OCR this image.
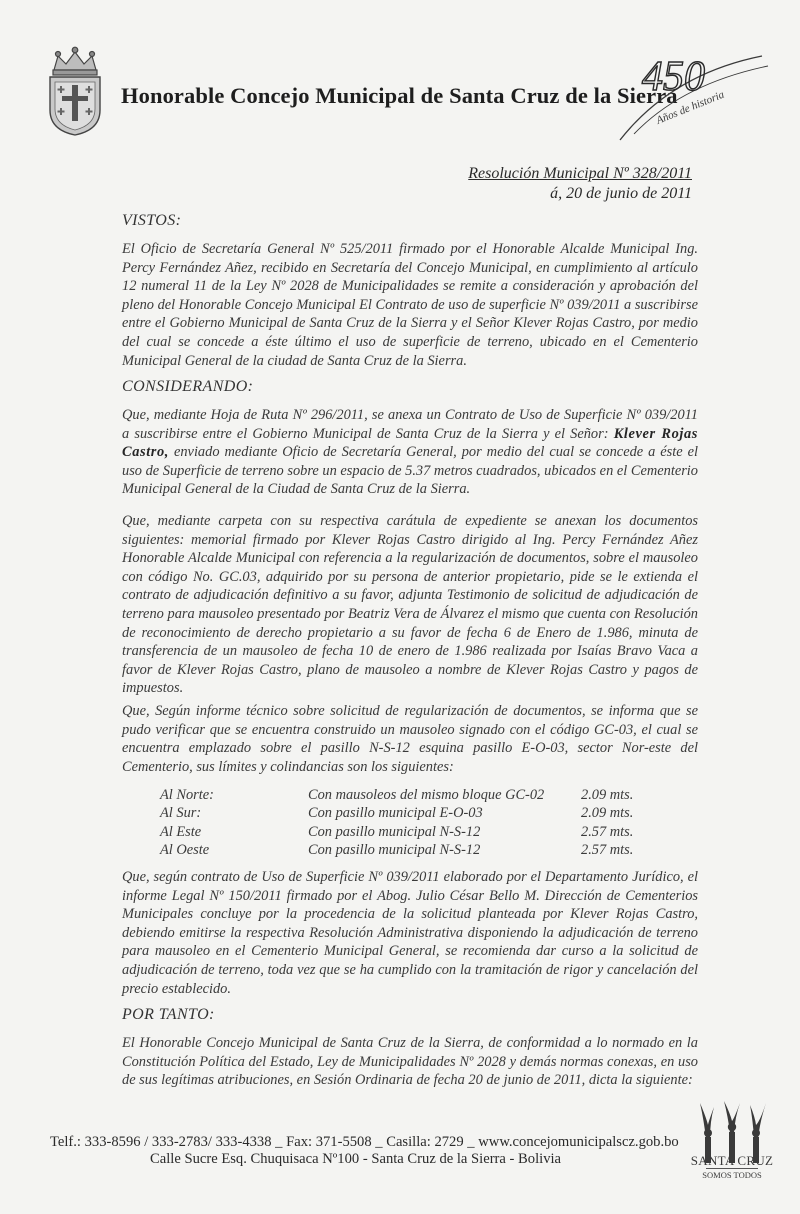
Honorable Concejo Municipal de Santa Cruz de la Sierra
450
Años de historia
Resolución Municipal Nº 328/2011
á, 20 de junio de 2011
VISTOS:

El Oficio de Secretaría General Nº 525/2011 firmado por el Honorable Alcalde Municipal Ing. Percy Fernández Añez, recibido en Secretaría del Concejo Municipal, en cumplimiento al artículo 12 numeral 11 de la Ley Nº 2028 de Municipalidades se remite a consideración y aprobación del pleno del Honorable Concejo Municipal El Contrato de uso de superficie Nº 039/2011 a suscribirse entre el Gobierno Municipal de Santa Cruz de la Sierra y el Señor Klever Rojas Castro, por medio del cual se concede a éste último el uso de superficie de terreno, ubicado en el Cementerio Municipal General de la ciudad de Santa Cruz de la Sierra.

CONSIDERANDO:

Que, mediante Hoja de Ruta Nº 296/2011, se anexa un Contrato de Uso de Superficie Nº 039/2011 a suscribirse entre el Gobierno Municipal de Santa Cruz de la Sierra y el Señor: Klever Rojas Castro, enviado mediante Oficio de Secretaría General, por medio del cual se concede a éste el uso de Superficie de terreno sobre un espacio de 5.37 metros cuadrados, ubicados en el Cementerio Municipal General de la Ciudad de Santa Cruz de la Sierra.

Que, mediante carpeta con su respectiva carátula de expediente se anexan los documentos siguientes: memorial firmado por Klever Rojas Castro dirigido al Ing. Percy Fernández Añez Honorable Alcalde Municipal con referencia a la regularización de documentos, sobre el mausoleo con código No. GC.03, adquirido por su persona de anterior propietario, pide se le extienda el contrato de adjudicación definitivo a su favor, adjunta Testimonio de solicitud de adjudicación de terreno para mausoleo presentado por Beatriz Vera de Álvarez el mismo que cuenta con Resolución de reconocimiento de derecho propietario a su favor de fecha 6 de Enero de 1.986, minuta de transferencia de un mausoleo de fecha 10 de enero de 1.986 realizada por Isaías Bravo Vaca a favor de Klever Rojas Castro, plano de mausoleo a nombre de Klever Rojas Castro y pagos de impuestos.

Que, Según informe técnico sobre solicitud de regularización de documentos, se informa que se pudo verificar que se encuentra construido un mausoleo signado con el código GC-03, el cual se encuentra emplazado sobre el pasillo N-S-12 esquina pasillo E-O-03, sector Nor-este del Cementerio, sus límites y colindancias son los siguientes:

Al Norte:	Con mausoleos del mismo bloque GC-02	2.09 mts.
Al Sur:	Con pasillo municipal E-O-03	2.09 mts.
Al Este	Con pasillo municipal N-S-12	2.57 mts.
Al Oeste	Con pasillo municipal N-S-12	2.57 mts.

Que, según contrato de Uso de Superficie Nº 039/2011 elaborado por el Departamento Jurídico, el informe Legal Nº 150/2011 firmado por el Abog. Julio César Bello M. Dirección de Cementerios Municipales concluye por la procedencia de la solicitud planteada por Klever Rojas Castro, debiendo emitirse la respectiva Resolución Administrativa disponiendo la adjudicación de terreno para mausoleo en el Cementerio Municipal General, se recomienda dar curso a la solicitud de adjudicación de terreno, toda vez que se ha cumplido con la tramitación de rigor y cancelación del precio establecido.

POR TANTO:

El Honorable Concejo Municipal de Santa Cruz de la Sierra, de conformidad a lo normado en la Constitución Política del Estado, Ley de Municipalidades Nº 2028 y demás normas conexas, en uso de sus legítimas atribuciones, en Sesión Ordinaria de fecha 20 de junio de 2011, dicta la siguiente:

Telf.: 333-8596 / 333-2783/ 333-4338 _ Fax: 371-5508 _ Casilla: 2729 _ www.concejomunicipalscz.gob.bo
Calle Sucre Esq. Chuquisaca Nº100 - Santa Cruz de la Sierra - Bolivia	SANTA CRUZ
SOMOS TODOS
